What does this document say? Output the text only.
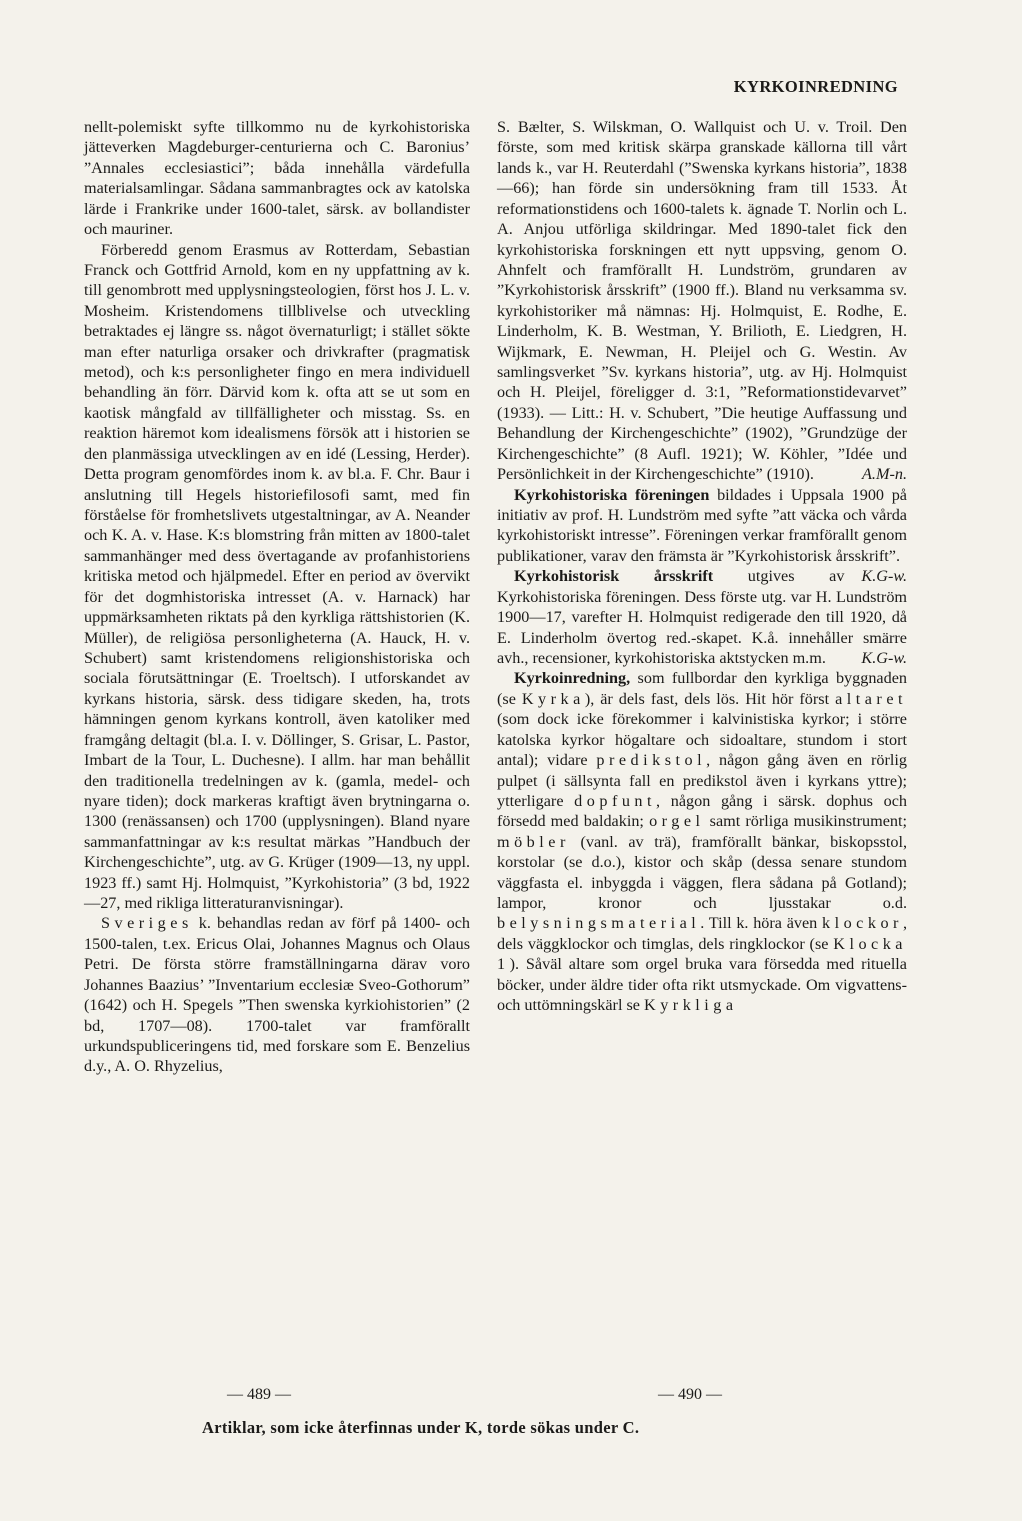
KYRKOINREDNING

nellt-polemiskt syfte tillkommo nu de kyrkohistoriska jätteverken Magdeburger-centurierna och C. Baronius’ ”Annales ecclesiastici”; båda innehålla värdefulla materialsamlingar. Sådana sammanbragtes ock av katolska lärde i Frankrike under 1600-talet, särsk. av bollandister och mauriner.

Förberedd genom Erasmus av Rotterdam, Sebastian Franck och Gottfrid Arnold, kom en ny uppfattning av k. till genombrott med upplysningsteologien, först hos J. L. v. Mosheim. Kristendomens tillblivelse och utveckling betraktades ej längre ss. något övernaturligt; i stället sökte man efter naturliga orsaker och drivkrafter (pragmatisk metod), och k:s personligheter fingo en mera individuell behandling än förr. Därvid kom k. ofta att se ut som en kaotisk mångfald av tillfälligheter och misstag. Ss. en reaktion häremot kom idealismens försök att i historien se den planmässiga utvecklingen av en idé (Lessing, Herder). Detta program genomfördes inom k. av bl.a. F. Chr. Baur i anslutning till Hegels historiefilosofi samt, med fin förståelse för fromhetslivets utgestaltningar, av A. Neander och K. A. v. Hase. K:s blomstring från mitten av 1800-talet sammanhänger med dess övertagande av profanhistoriens kritiska metod och hjälpmedel. Efter en period av övervikt för det dogmhistoriska intresset (A. v. Harnack) har uppmärksamheten riktats på den kyrkliga rättshistorien (K. Müller), de religiösa personligheterna (A. Hauck, H. v. Schubert) samt kristendomens religionshistoriska och sociala förutsättningar (E. Troeltsch). I utforskandet av kyrkans historia, särsk. dess tidigare skeden, ha, trots hämningen genom kyrkans kontroll, även katoliker med framgång deltagit (bl.a. I. v. Döllinger, S. Grisar, L. Pastor, Imbart de la Tour, L. Duchesne). I allm. har man behållit den traditionella tredelningen av k. (gamla, medel- och nyare tiden); dock markeras kraftigt även brytningarna o. 1300 (renässansen) och 1700 (upplysningen). Bland nyare sammanfattningar av k:s resultat märkas ”Handbuch der Kirchengeschichte”, utg. av G. Krüger (1909—13, ny uppl. 1923 ff.) samt Hj. Holmquist, ”Kyrkohistoria” (3 bd, 1922—27, med rikliga litteraturanvisningar).

Sveriges k. behandlas redan av förf på 1400- och 1500-talen, t.ex. Ericus Olai, Johannes Magnus och Olaus Petri. De första större framställningarna därav voro Johannes Baazius’ ”Inventarium ecclesiæ Sveo-Gothorum” (1642) och H. Spegels ”Then swenska kyrkiohistorien” (2 bd, 1707—08). 1700-talet var framförallt urkundspubliceringens tid, med forskare som E. Benzelius d.y., A. O. Rhyzelius,

S. Bælter, S. Wilskman, O. Wallquist och U. v. Troil. Den förste, som med kritisk skärpa granskade källorna till vårt lands k., var H. Reuterdahl (”Swenska kyrkans historia”, 1838—66); han förde sin undersökning fram till 1533. Åt reformationstidens och 1600-talets k. ägnade T. Norlin och L. A. Anjou utförliga skildringar. Med 1890-talet fick den kyrkohistoriska forskningen ett nytt uppsving, genom O. Ahnfelt och framförallt H. Lundström, grundaren av ”Kyrkohistorisk årsskrift” (1900 ff.). Bland nu verksamma sv. kyrkohistoriker må nämnas: Hj. Holmquist, E. Rodhe, E. Linderholm, K. B. Westman, Y. Brilioth, E. Liedgren, H. Wijkmark, E. Newman, H. Pleijel och G. Westin. Av samlingsverket ”Sv. kyrkans historia”, utg. av Hj. Holmquist och H. Pleijel, föreligger d. 3:1, ”Reformationstidevarvet” (1933). — Litt.: H. v. Schubert, ”Die heutige Auffassung und Behandlung der Kirchengeschichte” (1902), ”Grundzüge der Kirchengeschichte” (8 Aufl. 1921); W. Köhler, ”Idée und Persönlichkeit in der Kirchengeschichte” (1910).	A.M-n.

Kyrkohistoriska föreningen bildades i Uppsala 1900 på initiativ av prof. H. Lundström med syfte ”att väcka och vårda kyrkohistoriskt intresse”. Föreningen verkar framförallt genom publikationer, varav den främsta är ”Kyrkohistorisk årsskrift”.
K.G-w.

Kyrkohistorisk årsskrift utgives av Kyrkohistoriska föreningen. Dess förste utg. var H. Lundström 1900—17, varefter H. Holmquist redigerade den till 1920, då E. Linderholm övertog red.-skapet. K.å. innehåller smärre avh., recensioner, kyrkohistoriska aktstycken m.m.	K.G-w.

Kyrkoinredning, som fullbordar den kyrkliga byggnaden (se Kyrka), är dels fast, dels lös. Hit hör först altaret (som dock icke förekommer i kalvinistiska kyrkor; i större katolska kyrkor högaltare och sidoaltare, stundom i stort antal); vidare predikstol, någon gång även en rörlig pulpet (i sällsynta fall en predikstol även i kyrkans yttre); ytterligare dopfunt, någon gång i särsk. dophus och försedd med baldakin; orgel samt rörliga musikinstrument; möbler (vanl. av trä), framförallt bänkar, biskopsstol, korstolar (se d.o.), kistor och skåp (dessa senare stundom väggfasta el. inbyggda i väggen, flera sådana på Gotland); lampor, kronor och ljusstakar o.d. belysningsmaterial. Till k. höra även klockor, dels väggklockor och timglas, dels ringklockor (se Klocka 1). Såväl altare som orgel bruka vara försedda med rituella böcker, under äldre tider ofta rikt utsmyckade. Om vigvattens- och uttömningskärl se Kyrkliga

— 489 —	— 490 —
Artiklar, som icke återfinnas under K, torde sökas under C.
